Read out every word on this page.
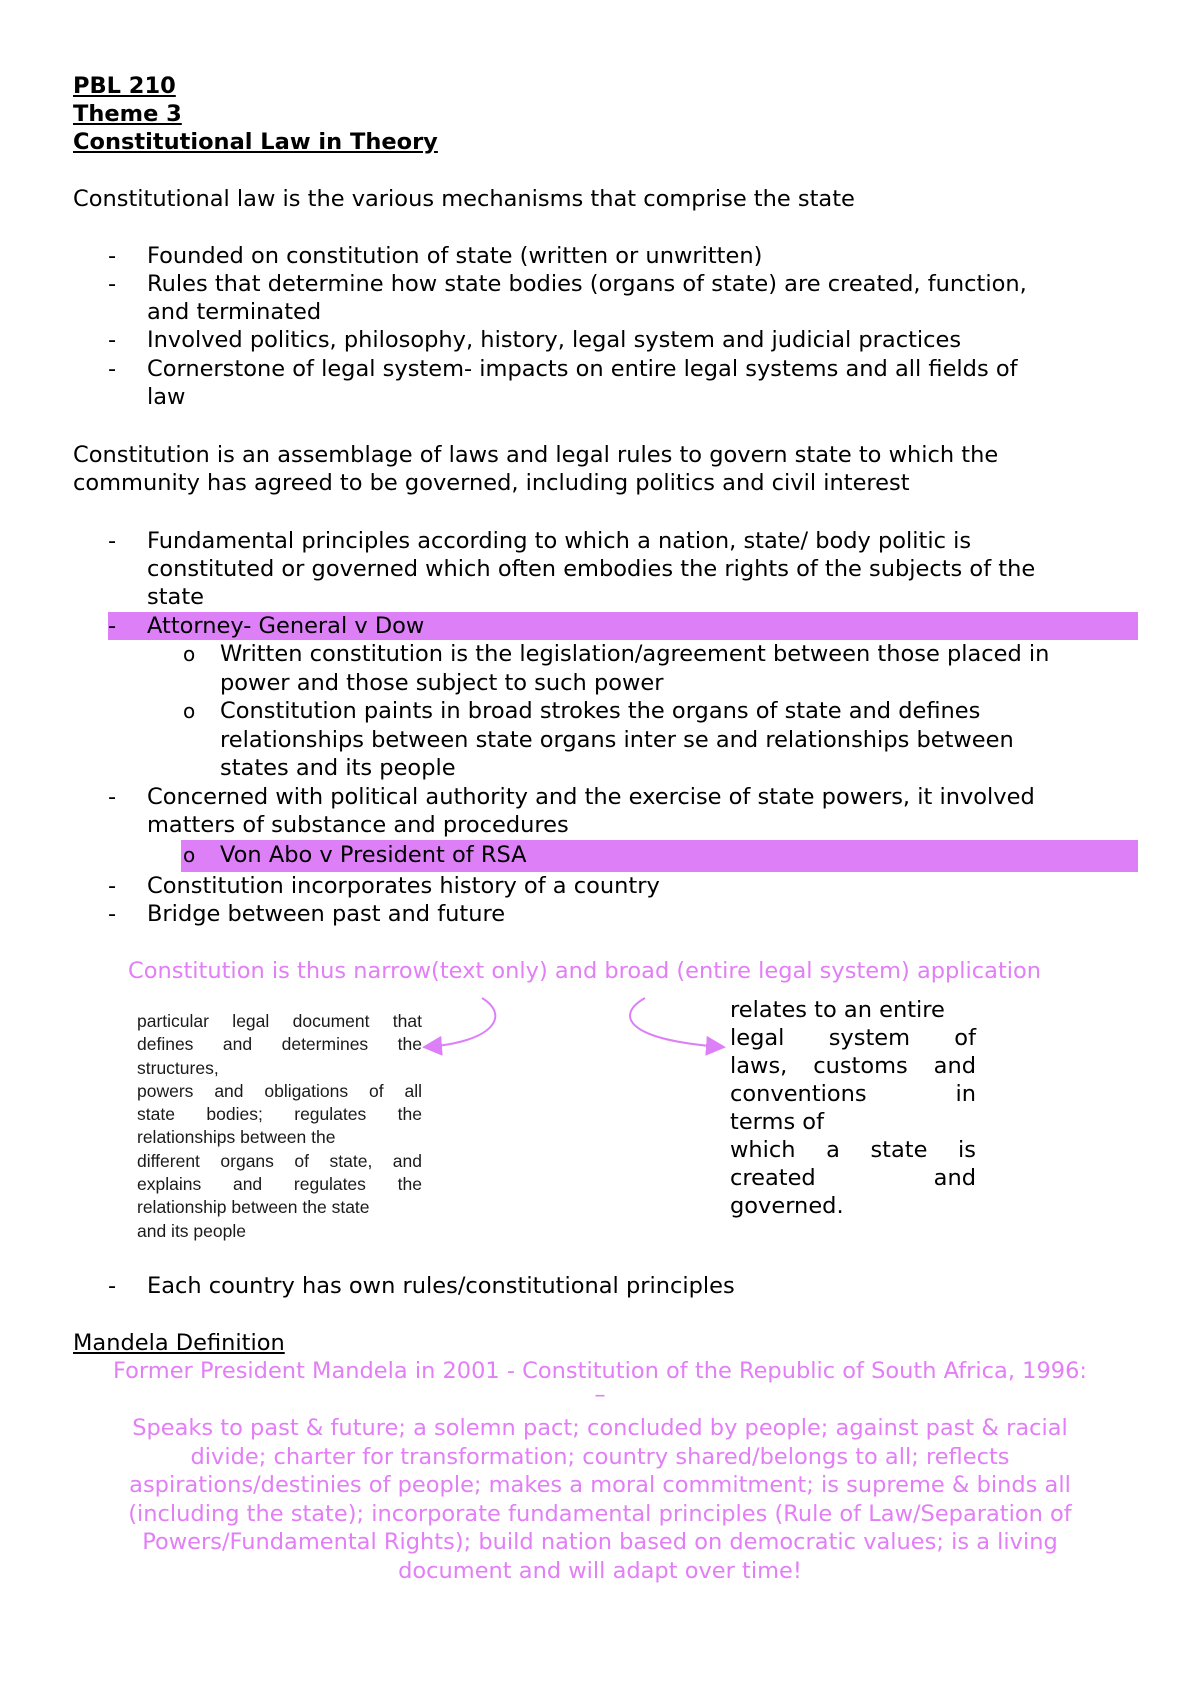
PBL 210
Theme 3
Constitutional Law in Theory
Constitutional law is the various mechanisms that comprise the state
- Founded on constitution of state (written or unwritten)
- Rules that determine how state bodies (organs of state) are created, function,
and terminated
- Involved politics, philosophy, history, legal system and judicial practices
- Cornerstone of legal system- impacts on entire legal systems and all fields of
law
Constitution is an assemblage of laws and legal rules to govern state to which the
community has agreed to be governed, including politics and civil interest
- Fundamental principles according to which a nation, state/ body politic is
constituted or governed which often embodies the rights of the subjects of the
state
- Attorney- General v Dow
o Written constitution is the legislation/agreement between those placed in
power and those subject to such power
o Constitution paints in broad strokes the organs of state and defines
relationships between state organs inter se and relationships between
states and its people
- Concerned with political authority and the exercise of state powers, it involved
matters of substance and procedures
o Von Abo v President of RSA
- Constitution incorporates history of a country
- Bridge between past and future
Constitution is thus narrow(text only) and broad (entire legal system) application
particular legal document that
defines and determines the
structures,
powers and obligations of all
state bodies; regulates the
relationships between the
different organs of state, and
explains and regulates the
relationship between the state
and its people
relates to an entire
legal system of
laws, customs and
conventions in
terms of
which a state is
created and
governed.
- Each country has own rules/constitutional principles
Mandela Definition
Former President Mandela in 2001 - Constitution of the Republic of South Africa, 1996:
–
Speaks to past & future; a solemn pact; concluded by people; against past & racial
divide; charter for transformation; country shared/belongs to all; reflects
aspirations/destinies of people; makes a moral commitment; is supreme & binds all
(including the state); incorporate fundamental principles (Rule of Law/Separation of
Powers/Fundamental Rights); build nation based on democratic values; is a living
document and will adapt over time!
